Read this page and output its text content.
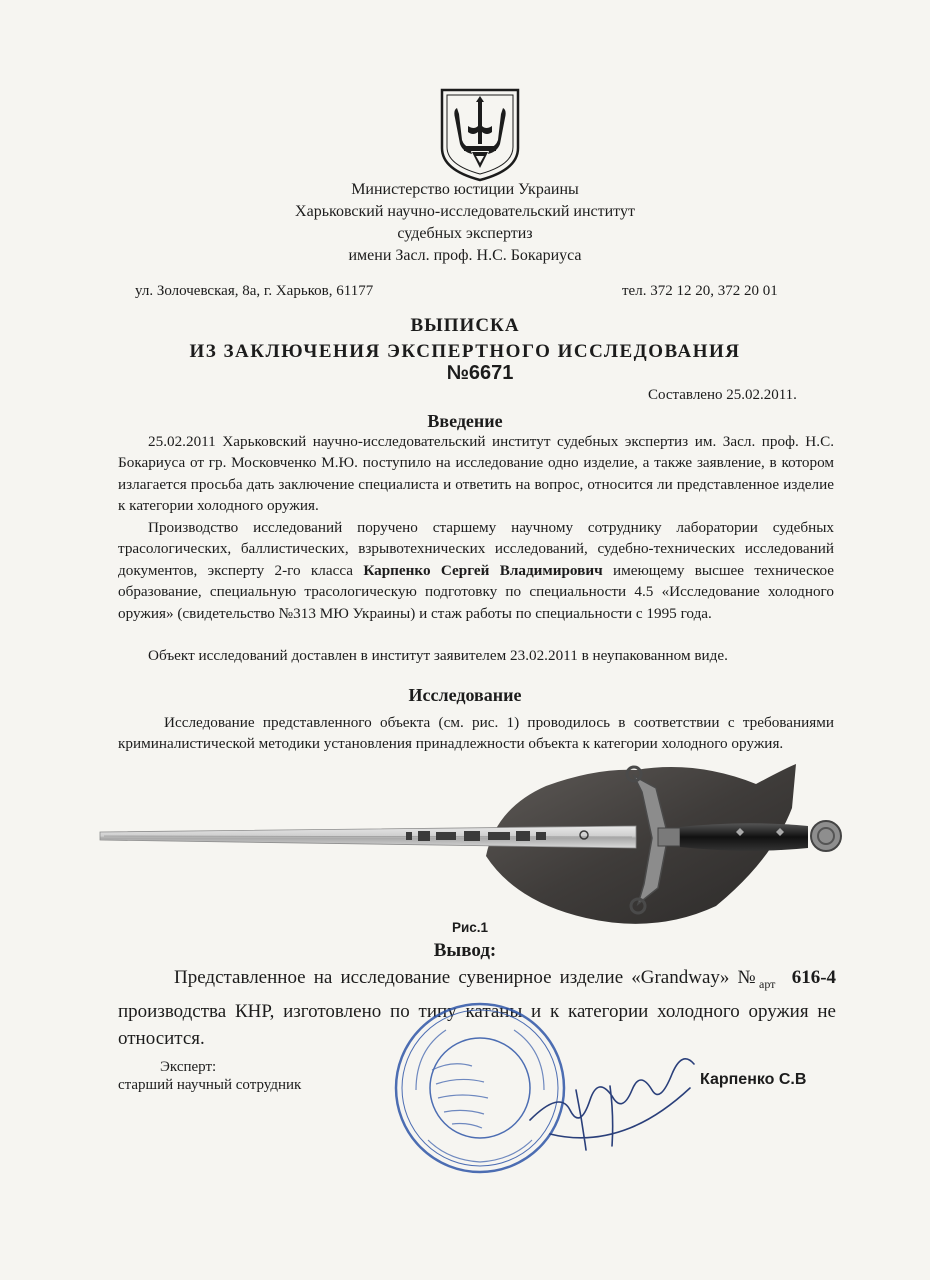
Министерство юстиции Украины
Харьковский научно-исследовательский институт
судебных экспертиз
имени Засл. проф. Н.С. Бокариуса
ул. Золочевская, 8а, г. Харьков, 61177	тел. 372 12 20, 372 20 01
ВЫПИСКА
ИЗ ЗАКЛЮЧЕНИЯ ЭКСПЕРТНОГО ИССЛЕДОВАНИЯ
№6671
Составлено 25.02.2011.
Введение
25.02.2011 Харьковский научно-исследовательский институт судебных экспертиз им. Засл. проф. Н.С. Бокариуса от гр. Московченко М.Ю. поступило на исследование одно изделие, а также заявление, в котором излагается просьба дать заключение специалиста и ответить на вопрос, относится ли представленное изделие к категории холодного оружия.
Производство исследований поручено старшему научному сотруднику лаборатории судебных трасологических, баллистических, взрывотехнических исследований, судебно-технических исследований документов, эксперту 2-го класса Карпенко Сергей Владимирович имеющему высшее техническое образование, специальную трасологическую подготовку по специальности 4.5 «Исследование холодного оружия» (свидетельство №313 МЮ Украины) и стаж работы по специальности с 1995 года.
Объект исследований доставлен в институт заявителем 23.02.2011 в неупакованном виде.
Исследование
Исследование представленного объекта (см. рис. 1) проводилось в соответствии с требованиями криминалистической методики установления принадлежности объекта к категории холодного оружия.
Рис.1
Вывод:
Представленное на исследование сувенирное изделие «Grandway» $№_{арт}$ 616-4 производства КНР, изготовлено по типу катаны и к категории холодного оружия не относится.
Эксперт:
старший научный сотрудник	Карпенко С.В
